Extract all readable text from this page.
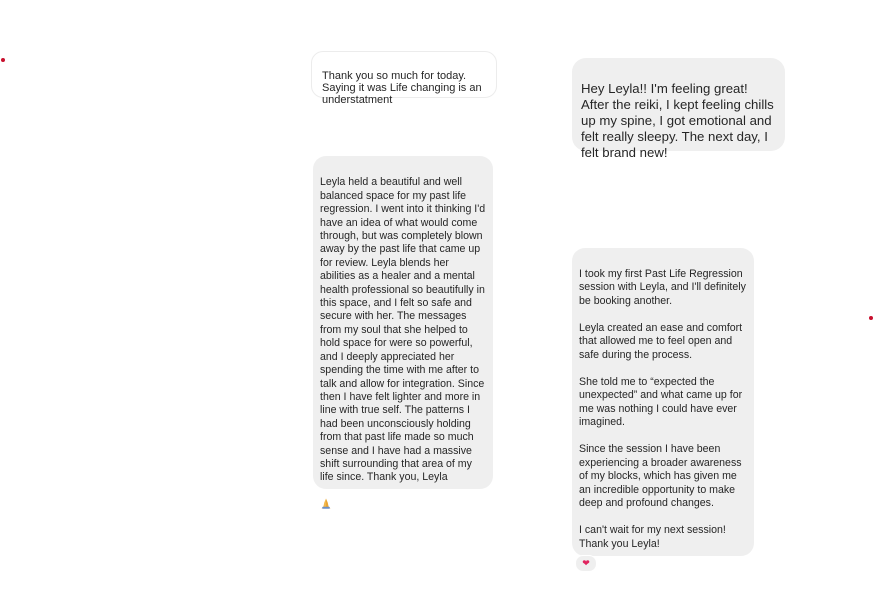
Thank you so much for today.
Saying it was Life changing is an understatment

Hey Leyla!! I'm feeling great! After the reiki, I kept feeling chills up my spine, I got emotional and felt really sleepy. The next day, I felt brand new!

Leyla held a beautiful and well balanced space for my past life regression. I went into it thinking I'd have an idea of what would come through, but was completely blown away by the past life that came up for review. Leyla blends her abilities as a healer and a mental health professional so beautifully in this space, and I felt so safe and secure with her. The messages from my soul that she helped to hold space for were so powerful, and I deeply appreciated her spending the time with me after to talk and allow for integration. Since then I have felt lighter and more in line with true self. The patterns I had been unconsciously holding from that past life made so much sense and I have had a massive shift surrounding that area of my life since. Thank you, Leyla

I took my first Past Life Regression session with Leyla, and I'll definitely be booking another.

Leyla created an ease and comfort that allowed me to feel open and safe during the process.

She told me to “expected the unexpected” and what came up for me was nothing I could have ever imagined.

Since the session I have been experiencing a broader awareness of my blocks, which has given me an incredible opportunity to make deep and profound changes.

I can't wait for my next session! Thank you Leyla!

❤
